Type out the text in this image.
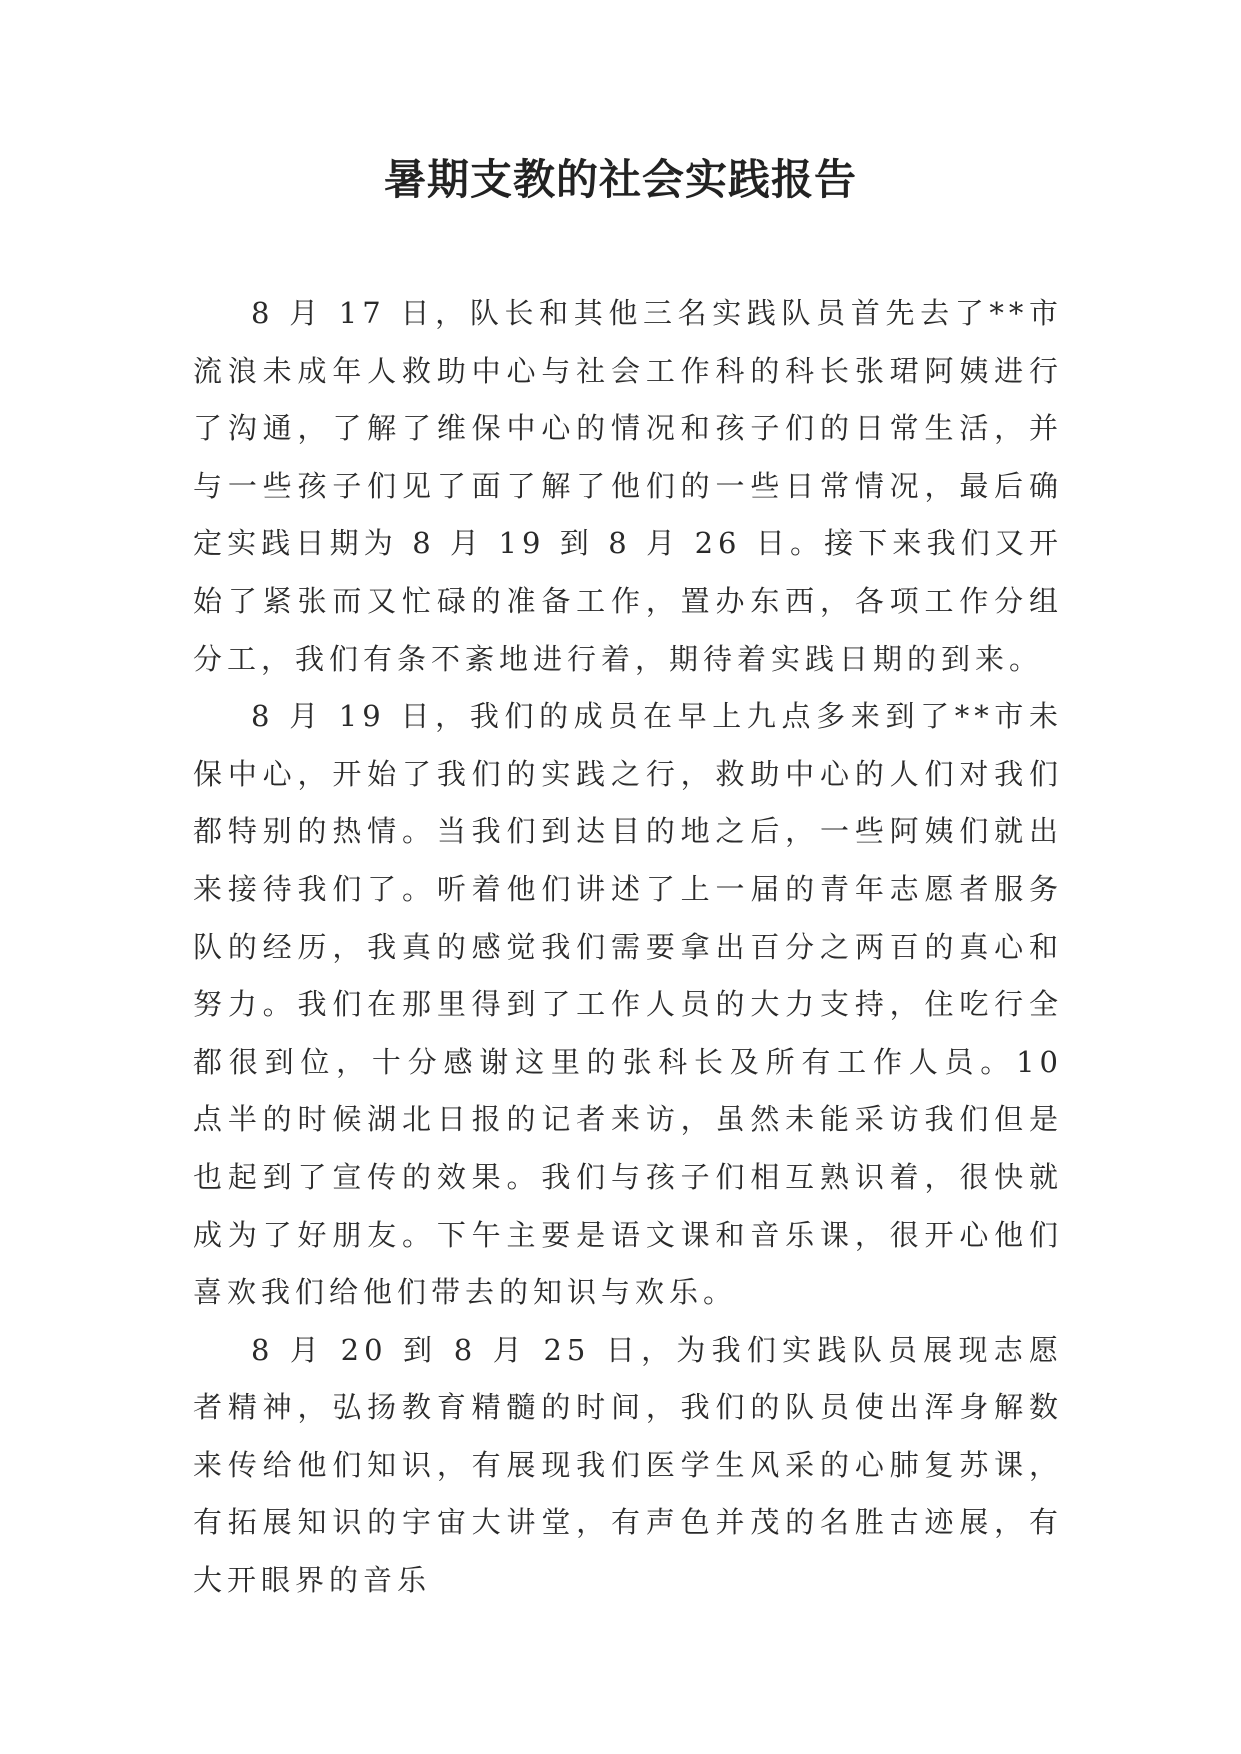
暑期支教的社会实践报告

8 月 17 日，队长和其他三名实践队员首先去了**市流浪未成年人救助中心与社会工作科的科长张珺阿姨进行了沟通，了解了维保中心的情况和孩子们的日常生活，并与一些孩子们见了面了解了他们的一些日常情况，最后确定实践日期为 8 月 19 到 8 月 26 日。接下来我们又开始了紧张而又忙碌的准备工作，置办东西，各项工作分组分工，我们有条不紊地进行着，期待着实践日期的到来。

8 月 19 日，我们的成员在早上九点多来到了**市未保中心，开始了我们的实践之行，救助中心的人们对我们都特别的热情。当我们到达目的地之后，一些阿姨们就出来接待我们了。听着他们讲述了上一届的青年志愿者服务队的经历，我真的感觉我们需要拿出百分之两百的真心和努力。我们在那里得到了工作人员的大力支持，住吃行全都很到位，十分感谢这里的张科长及所有工作人员。10 点半的时候湖北日报的记者来访，虽然未能采访我们但是也起到了宣传的效果。我们与孩子们相互熟识着，很快就成为了好朋友。下午主要是语文课和音乐课，很开心他们喜欢我们给他们带去的知识与欢乐。

8 月 20 到 8 月 25 日，为我们实践队员展现志愿者精神，弘扬教育精髓的时间，我们的队员使出浑身解数来传给他们知识，有展现我们医学生风采的心肺复苏课，有拓展知识的宇宙大讲堂，有声色并茂的名胜古迹展，有大开眼界的音乐
